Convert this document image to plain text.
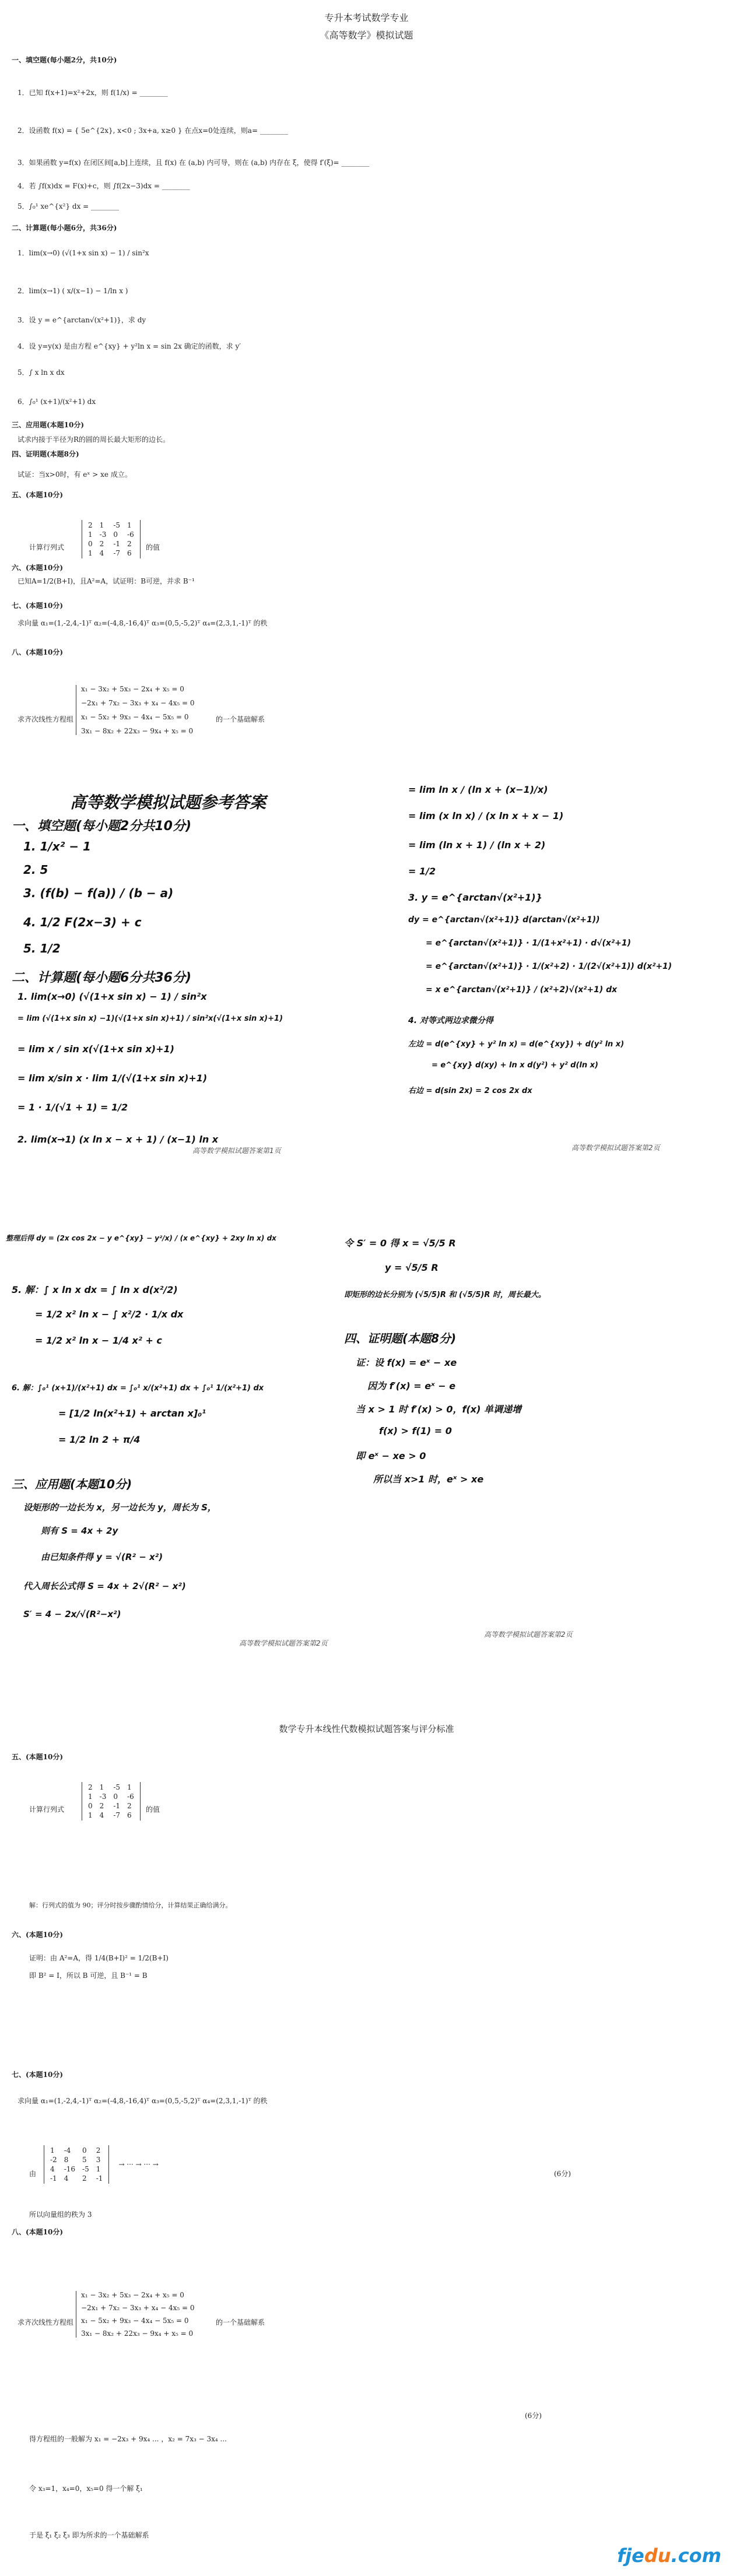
专升本考试数学专业
《高等数学》模拟试题
一、填空题(每小题2分，共10分)
1．已知 f(x+1)=x²+2x，则 f(1/x) = ________
2．设函数 f(x) = { 5e^{2x}, x<0 ; 3x+a, x≥0 } 在点x=0处连续，则a= ________
3．如果函数 y=f(x) 在闭区间[a,b]上连续，且 f(x) 在 (a,b) 内可导，则在 (a,b) 内存在 ξ，使得 f′(ξ)= ________
4．若 ∫f(x)dx = F(x)+c，则 ∫f(2x−3)dx = ________
5．∫₀¹ xe^{x²} dx = ________
二、计算题(每小题6分，共36分)
1．lim(x→0) (√(1+x sin x) − 1) / sin²x
2．lim(x→1) ( x/(x−1) − 1/ln x )
3．设 y = e^{arctan√(x²+1)}，求 dy
4．设 y=y(x) 是由方程 e^{xy} + y²ln x = sin 2x 确定的函数，求 y′
5．∫ x ln x dx
6．∫₀¹ (x+1)/(x²+1) dx
三、应用题(本题10分)
试求内接于半径为R的圆的周长最大矩形的边长。
四、证明题(本题8分)
试证：当x>0时，有 eˣ > xe 成立。
五、(本题10分)
计算行列式
2 1	-5 1
1 -3 0	-6
0 2	-1 2
1 4	-7 6
的值
六、(本题10分)
已知A=1/2(B+I)，且A²=A，试证明：B可逆，并求 B⁻¹
七、(本题10分)
求向量 α₁=(1,-2,4,-1)ᵀ α₂=(-4,8,-16,4)ᵀ α₃=(0,5,-5,2)ᵀ α₄=(2,3,1,-1)ᵀ 的秩
八、(本题10分)
求齐次线性方程组
x₁ − 3x₂ + 5x₃ − 2x₄ + x₅ = 0
−2x₁ + 7x₂ − 3x₃ + x₄ − 4x₅ = 0
x₁ − 5x₂ + 9x₃ − 4x₄ − 5x₅ = 0
3x₁ − 8x₂ + 22x₃ − 9x₄ + x₅ = 0
的一个基础解系
高等数学模拟试题参考答案
一、填空题(每小题2分共10分)
1. 1/x² − 1
2. 5
3. (f(b) − f(a)) / (b − a)
4. 1/2 F(2x−3) + c
5. 1/2
二、计算题(每小题6分共36分)
1. lim(x→0) (√(1+x sin x) − 1) / sin²x
= lim (√(1+x sin x) −1)(√(1+x sin x)+1) / sin²x(√(1+x sin x)+1)
= lim x / sin x(√(1+x sin x)+1)
= lim x/sin x · lim 1/(√(1+x sin x)+1)
= 1 · 1/(√1 + 1) = 1/2
2. lim(x→1) (x ln x − x + 1) / (x−1) ln x
高等数学模拟试题答案第1页
= lim ln x / (ln x + (x−1)/x)
= lim (x ln x) / (x ln x + x − 1)
= lim (ln x + 1) / (ln x + 2)
= 1/2
3. y = e^{arctan√(x²+1)}
dy = e^{arctan√(x²+1)} d(arctan√(x²+1))
= e^{arctan√(x²+1)} · 1/(1+x²+1) · d√(x²+1)
= e^{arctan√(x²+1)} · 1/(x²+2) · 1/(2√(x²+1)) d(x²+1)
= x e^{arctan√(x²+1)} / (x²+2)√(x²+1) dx
4. 对等式两边求微分得
左边 = d(e^{xy} + y² ln x) = d(e^{xy}) + d(y² ln x)
= e^{xy} d(xy) + ln x d(y²) + y² d(ln x)
右边 = d(sin 2x) = 2 cos 2x dx
高等数学模拟试题答案第2页
整理后得 dy = (2x cos 2x − y e^{xy} − y²/x) / (x e^{xy} + 2xy ln x) dx
5. 解：∫ x ln x dx = ∫ ln x d(x²/2)
= 1/2 x² ln x − ∫ x²/2 · 1/x dx
= 1/2 x² ln x − 1/4 x² + c
6. 解：∫₀¹ (x+1)/(x²+1) dx = ∫₀¹ x/(x²+1) dx + ∫₀¹ 1/(x²+1) dx
= [1/2 ln(x²+1) + arctan x]₀¹
= 1/2 ln 2 + π/4
三、应用题(本题10分)
设矩形的一边长为 x，另一边长为 y，周长为 S，
则有 S = 4x + 2y
由已知条件得 y = √(R² − x²)
代入周长公式得 S = 4x + 2√(R² − x²)
S′ = 4 − 2x/√(R²−x²)
高等数学模拟试题答案第2页
令 S′ = 0 得 x = √5/5 R
y = √5/5 R
即矩形的边长分别为 (√5/5)R 和 (√5/5)R 时，周长最大。
四、证明题(本题8分)
证：设 f(x) = eˣ − xe
因为 f′(x) = eˣ − e
当 x > 1 时 f′(x) > 0，f(x) 单调递增
f(x) > f(1) = 0
即 eˣ − xe > 0
所以当 x>1 时，eˣ > xe
高等数学模拟试题答案第2页
数学专升本线性代数模拟试题答案与评分标准
五、(本题10分)
计算行列式
2 1	-5 1
1 -3 0	-6
0 2	-1 2
1 4	-7 6
的值
解：行列式的值为 90；评分时按步骤酌情给分，计算结果正确给满分。
六、(本题10分)
证明：由 A²=A，得 1/4(B+I)² = 1/2(B+I)
即 B² = I，所以 B 可逆，且 B⁻¹ = B
七、(本题10分)
求向量 α₁=(1,-2,4,-1)ᵀ α₂=(-4,8,-16,4)ᵀ α₃=(0,5,-5,2)ᵀ α₄=(2,3,1,-1)ᵀ 的秩
由
1	-4	0	2
-2 8	5	3
4	-16 -5 1
-1 4	2	-1
→ ··· → ··· →
(6分)
所以向量组的秩为 3
八、(本题10分)
求齐次线性方程组
x₁ − 3x₂ + 5x₃ − 2x₄ + x₅ = 0
−2x₁ + 7x₂ − 3x₃ + x₄ − 4x₅ = 0
x₁ − 5x₂ + 9x₃ − 4x₄ − 5x₅ = 0
3x₁ − 8x₂ + 22x₃ − 9x₄ + x₅ = 0
的一个基础解系
(6分)
得方程组的一般解为 x₁ = −2x₃ + 9x₄ ... ，x₂ = 7x₃ − 3x₄ ...
令 x₃=1，x₄=0，x₅=0 得一个解 ξ₁
于是 ξ₁ ξ₂ ξ₃ 即为所求的一个基础解系
fjedu.com
